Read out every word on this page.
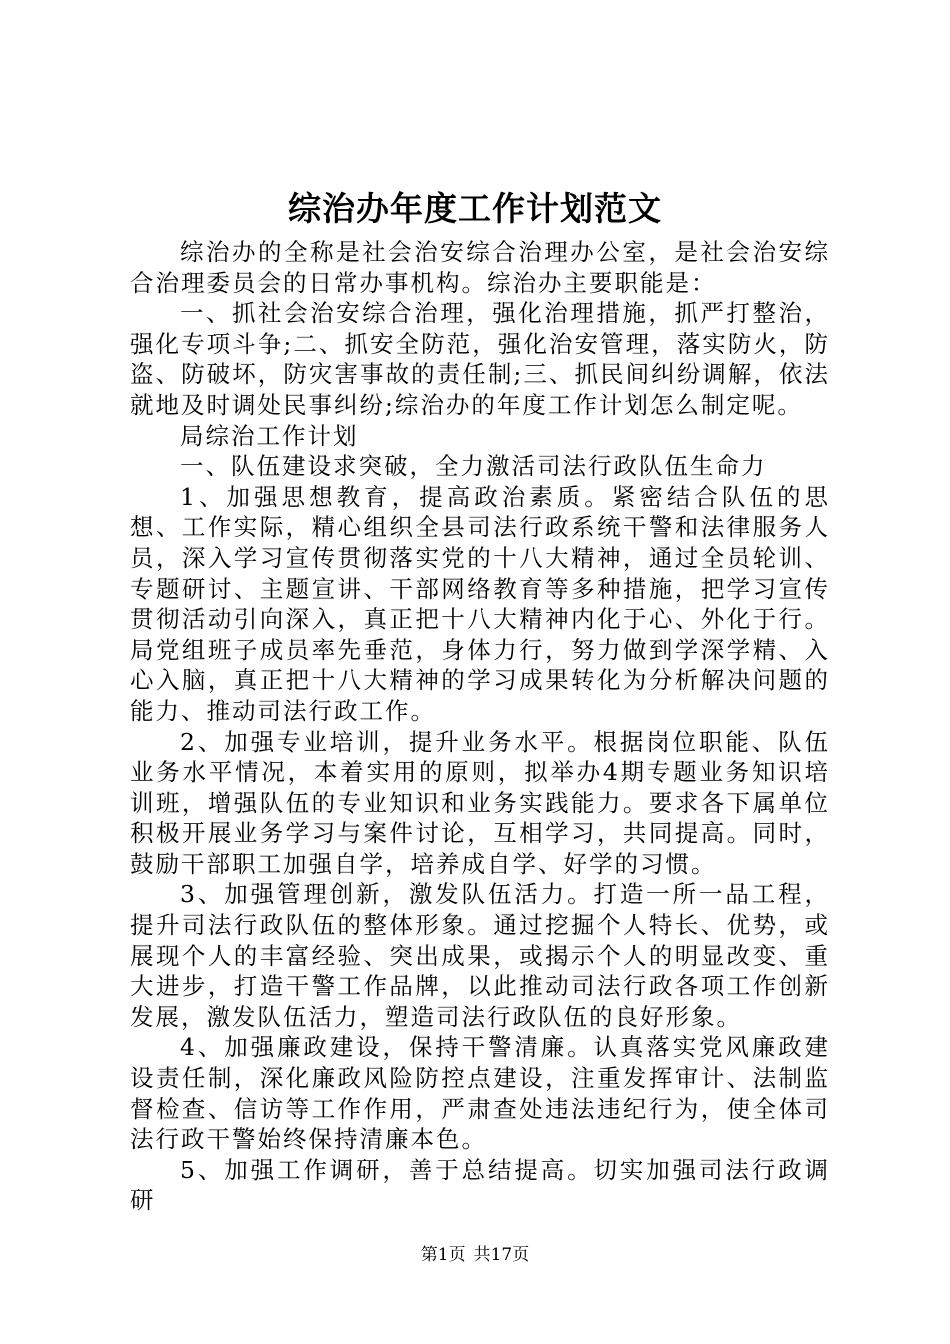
综治办年度工作计划范文

综治办的全称是社会治安综合治理办公室，是社会治安综合治理委员会的日常办事机构。综治办主要职能是：

一、抓社会治安综合治理，强化治理措施，抓严打整治，强化专项斗争;二、抓安全防范，强化治安管理，落实防火，防盗、防破坏，防灾害事故的责任制;三、抓民间纠纷调解，依法就地及时调处民事纠纷;综治办的年度工作计划怎么制定呢。

局综治工作计划

一、队伍建设求突破，全力激活司法行政队伍生命力

1、加强思想教育，提高政治素质。紧密结合队伍的思想、工作实际，精心组织全县司法行政系统干警和法律服务人员，深入学习宣传贯彻落实党的十八大精神，通过全员轮训、专题研讨、主题宣讲、干部网络教育等多种措施，把学习宣传贯彻活动引向深入，真正把十八大精神内化于心、外化于行。局党组班子成员率先垂范，身体力行，努力做到学深学精、入心入脑，真正把十八大精神的学习成果转化为分析解决问题的能力、推动司法行政工作。

2、加强专业培训，提升业务水平。根据岗位职能、队伍业务水平情况，本着实用的原则，拟举办4期专题业务知识培训班，增强队伍的专业知识和业务实践能力。要求各下属单位积极开展业务学习与案件讨论，互相学习，共同提高。同时，鼓励干部职工加强自学，培养成自学、好学的习惯。

3、加强管理创新，激发队伍活力。打造一所一品工程，提升司法行政队伍的整体形象。通过挖掘个人特长、优势，或展现个人的丰富经验、突出成果，或揭示个人的明显改变、重大进步，打造干警工作品牌，以此推动司法行政各项工作创新发展，激发队伍活力，塑造司法行政队伍的良好形象。

4、加强廉政建设，保持干警清廉。认真落实党风廉政建设责任制，深化廉政风险防控点建设，注重发挥审计、法制监督检查、信访等工作作用，严肃查处违法违纪行为，使全体司法行政干警始终保持清廉本色。

5、加强工作调研，善于总结提高。切实加强司法行政调研

第1页 共17页
